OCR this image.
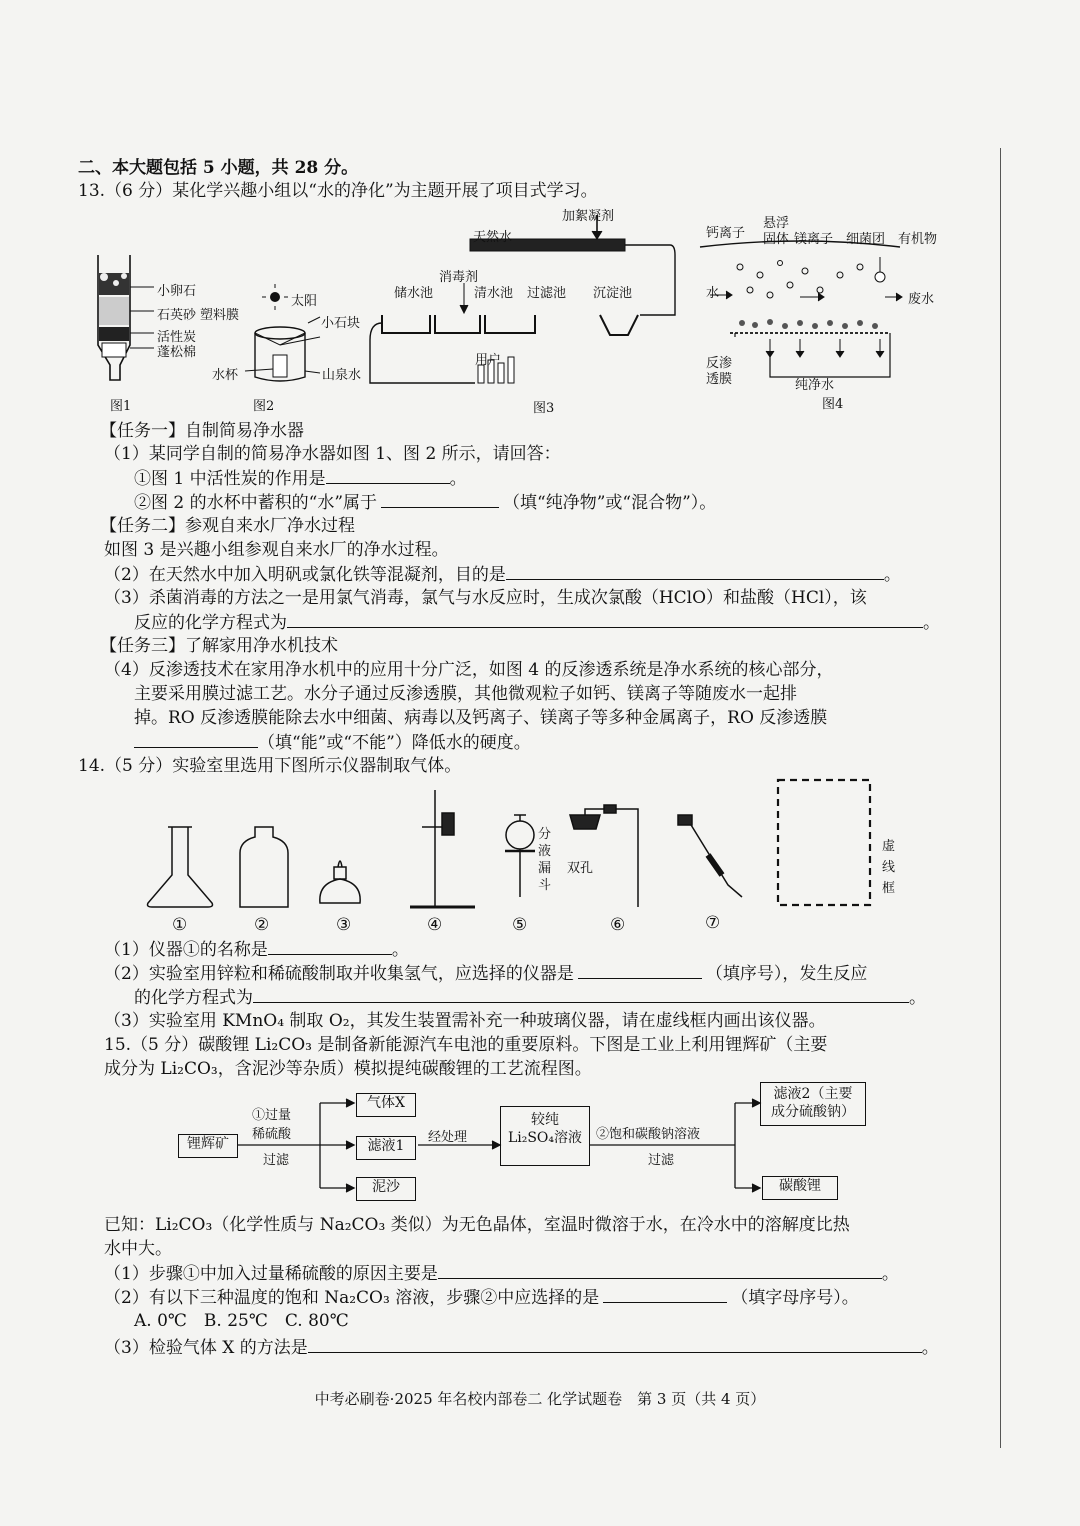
二、本大题包括 5 小题，共 28 分。
13.（6 分）某化学兴趣小组以“水的净化”为主题开展了项目式学习。
小卵石
石英砂
活性炭
蓬松棉
图1
太阳
塑料膜
小石块
水杯	山泉水
图2
天然水
加絮凝剂
消毒剂
储水池	清水池 过滤池 沉淀池
用户
图3
钙离子
悬浮
固体 镁离子 细菌团 有机物
水	废水
反渗
透膜	纯净水
图4
【任务一】自制简易净水器
（1）某同学自制的简易净水器如图 1、图 2 所示，请回答：
①图 1 中活性炭的作用是	。
②图 2 的水杯中蓄积的“水”属于	（填“纯净物”或“混合物”）。
【任务二】参观自来水厂净水过程
如图 3 是兴趣小组参观自来水厂的净水过程。
（2）在天然水中加入明矾或氯化铁等混凝剂，目的是	。
（3）杀菌消毒的方法之一是用氯气消毒，氯气与水反应时，生成次氯酸（HClO）和盐酸（HCl），该
反应的化学方程式为	。
【任务三】了解家用净水机技术
（4）反渗透技术在家用净水机中的应用十分广泛，如图 4 的反渗透系统是净水系统的核心部分，
主要采用膜过滤工艺。水分子通过反渗透膜，其他微观粒子如钙、镁离子等随废水一起排
掉。RO 反渗透膜能除去水中细菌、病毒以及钙离子、镁离子等多种金属离子，RO 反渗透膜
（填“能”或“不能”）降低水的硬度。
14.（5 分）实验室里选用下图所示仪器制取气体。
分
液
漏
斗
双孔
虚
线
框
①	②	③	④	⑤	⑥	⑦
（1）仪器①的名称是	。
（2）实验室用锌粒和稀硫酸制取并收集氢气，应选择的仪器是	（填序号），发生反应
的化学方程式为	。
（3）实验室用 KMnO₄ 制取 O₂，其发生装置需补充一种玻璃仪器，请在虚线框内画出该仪器。
15.（5 分）碳酸锂 Li₂CO₃ 是制备新能源汽车电池的重要原料。下图是工业上利用锂辉矿（主要
成分为 Li₂CO₃，含泥沙等杂质）模拟提纯碳酸锂的工艺流程图。
锂辉矿
①过量
稀硫酸
过滤
气体X
滤液1
泥沙
经处理
较纯
Li₂SO₄溶液	②饱和碳酸钠溶液
过滤
滤液2（主要
成分硫酸钠）
碳酸锂
已知：Li₂CO₃（化学性质与 Na₂CO₃ 类似）为无色晶体，室温时微溶于水，在冷水中的溶解度比热
水中大。
（1）步骤①中加入过量稀硫酸的原因主要是	。
（2）有以下三种温度的饱和 Na₂CO₃ 溶液，步骤②中应选择的是	（填字母序号）。
A. 0℃　B. 25℃　C. 80℃
（3）检验气体 X 的方法是	。
中考必刷卷·2025 年名校内部卷二 化学试题卷　第 3 页（共 4 页）
